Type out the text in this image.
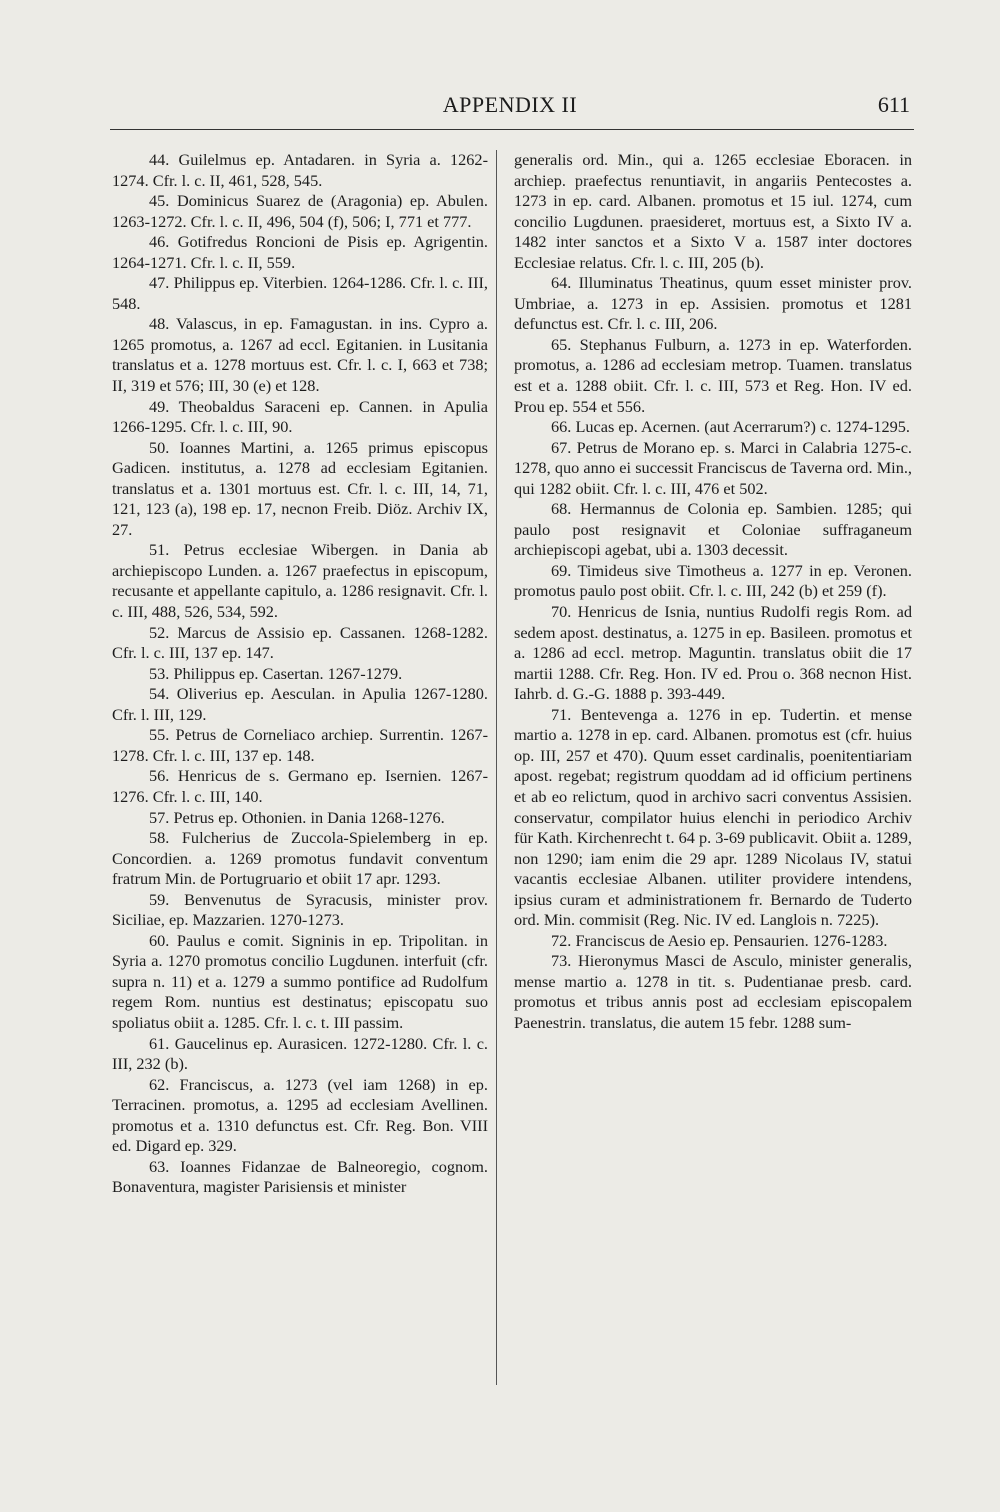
APPENDIX II	611

44. Guilelmus ep. Antadaren. in Syria a. 1262-1274. Cfr. l. c. II, 461, 528, 545.

45. Dominicus Suarez de (Aragonia) ep. Abulen. 1263-1272. Cfr. l. c. II, 496, 504 (f), 506; I, 771 et 777.

46. Gotifredus Roncioni de Pisis ep. Agrigentin. 1264-1271. Cfr. l. c. II, 559.

47. Philippus ep. Viterbien. 1264-1286. Cfr. l. c. III, 548.

48. Valascus, in ep. Famagustan. in ins. Cypro a. 1265 promotus, a. 1267 ad eccl. Egitanien. in Lusitania translatus et a. 1278 mortuus est. Cfr. l. c. I, 663 et 738; II, 319 et 576; III, 30 (e) et 128.

49. Theobaldus Saraceni ep. Cannen. in Apulia 1266-1295. Cfr. l. c. III, 90.

50. Ioannes Martini, a. 1265 primus episcopus Gadicen. institutus, a. 1278 ad ecclesiam Egitanien. translatus et a. 1301 mortuus est. Cfr. l. c. III, 14, 71, 121, 123 (a), 198 ep. 17, necnon Freib. Diöz. Archiv IX, 27.

51. Petrus ecclesiae Wibergen. in Dania ab archiepiscopo Lunden. a. 1267 praefectus in episcopum, recusante et appellante capitulo, a. 1286 resignavit. Cfr. l. c. III, 488, 526, 534, 592.

52. Marcus de Assisio ep. Cassanen. 1268-1282. Cfr. l. c. III, 137 ep. 147.

53. Philippus ep. Casertan. 1267-1279.

54. Oliverius ep. Aesculan. in Apulia 1267-1280. Cfr. l. III, 129.

55. Petrus de Corneliaco archiep. Surrentin. 1267-1278. Cfr. l. c. III, 137 ep. 148.

56. Henricus de s. Germano ep. Isernien. 1267-1276. Cfr. l. c. III, 140.

57. Petrus ep. Othonien. in Dania 1268-1276.

58. Fulcherius de Zuccola-Spielemberg in ep. Concordien. a. 1269 promotus fundavit conventum fratrum Min. de Portugruario et obiit 17 apr. 1293.

59. Benvenutus de Syracusis, minister prov. Siciliae, ep. Mazzarien. 1270-1273.

60. Paulus e comit. Signinis in ep. Tripolitan. in Syria a. 1270 promotus concilio Lugdunen. interfuit (cfr. supra n. 11) et a. 1279 a summo pontifice ad Rudolfum regem Rom. nuntius est destinatus; episcopatu suo spoliatus obiit a. 1285. Cfr. l. c. t. III passim.

61. Gaucelinus ep. Aurasicen. 1272-1280. Cfr. l. c. III, 232 (b).

62. Franciscus, a. 1273 (vel iam 1268) in ep. Terracinen. promotus, a. 1295 ad ecclesiam Avellinen. promotus et a. 1310 defunctus est. Cfr. Reg. Bon. VIII ed. Digard ep. 329.

63. Ioannes Fidanzae de Balneoregio, cognom. Bonaventura, magister Parisiensis et minister

generalis ord. Min., qui a. 1265 ecclesiae Eboracen. in archiep. praefectus renuntiavit, in angariis Pentecostes a. 1273 in ep. card. Albanen. promotus et 15 iul. 1274, cum concilio Lugdunen. praesideret, mortuus est, a Sixto IV a. 1482 inter sanctos et a Sixto V a. 1587 inter doctores Ecclesiae relatus. Cfr. l. c. III, 205 (b).

64. Illuminatus Theatinus, quum esset minister prov. Umbriae, a. 1273 in ep. Assisien. promotus et 1281 defunctus est. Cfr. l. c. III, 206.

65. Stephanus Fulburn, a. 1273 in ep. Waterforden. promotus, a. 1286 ad ecclesiam metrop. Tuamen. translatus est et a. 1288 obiit. Cfr. l. c. III, 573 et Reg. Hon. IV ed. Prou ep. 554 et 556.

66. Lucas ep. Acernen. (aut Acerrarum?) c. 1274-1295.

67. Petrus de Morano ep. s. Marci in Calabria 1275-c. 1278, quo anno ei successit Franciscus de Taverna ord. Min., qui 1282 obiit. Cfr. l. c. III, 476 et 502.

68. Hermannus de Colonia ep. Sambien. 1285; qui paulo post resignavit et Coloniae suffraganeum archiepiscopi agebat, ubi a. 1303 decessit.

69. Timideus sive Timotheus a. 1277 in ep. Veronen. promotus paulo post obiit. Cfr. l. c. III, 242 (b) et 259 (f).

70. Henricus de Isnia, nuntius Rudolfi regis Rom. ad sedem apost. destinatus, a. 1275 in ep. Basileen. promotus et a. 1286 ad eccl. metrop. Maguntin. translatus obiit die 17 martii 1288. Cfr. Reg. Hon. IV ed. Prou o. 368 necnon Hist. Iahrb. d. G.-G. 1888 p. 393-449.

71. Bentevenga a. 1276 in ep. Tudertin. et mense martio a. 1278 in ep. card. Albanen. promotus est (cfr. huius op. III, 257 et 470). Quum esset cardinalis, poenitentiariam apost. regebat; registrum quoddam ad id officium pertinens et ab eo relictum, quod in archivo sacri conventus Assisien. conservatur, compilator huius elenchi in periodico Archiv für Kath. Kirchenrecht t. 64 p. 3-69 publicavit. Obiit a. 1289, non 1290; iam enim die 29 apr. 1289 Nicolaus IV, statui vacantis ecclesiae Albanen. utiliter providere intendens, ipsius curam et administrationem fr. Bernardo de Tuderto ord. Min. commisit (Reg. Nic. IV ed. Langlois n. 7225).

72. Franciscus de Aesio ep. Pensaurien. 1276-1283.

73. Hieronymus Masci de Asculo, minister generalis, mense martio a. 1278 in tit. s. Pudentianae presb. card. promotus et tribus annis post ad ecclesiam episcopalem Paenestrin. translatus, die autem 15 febr. 1288 sum-
